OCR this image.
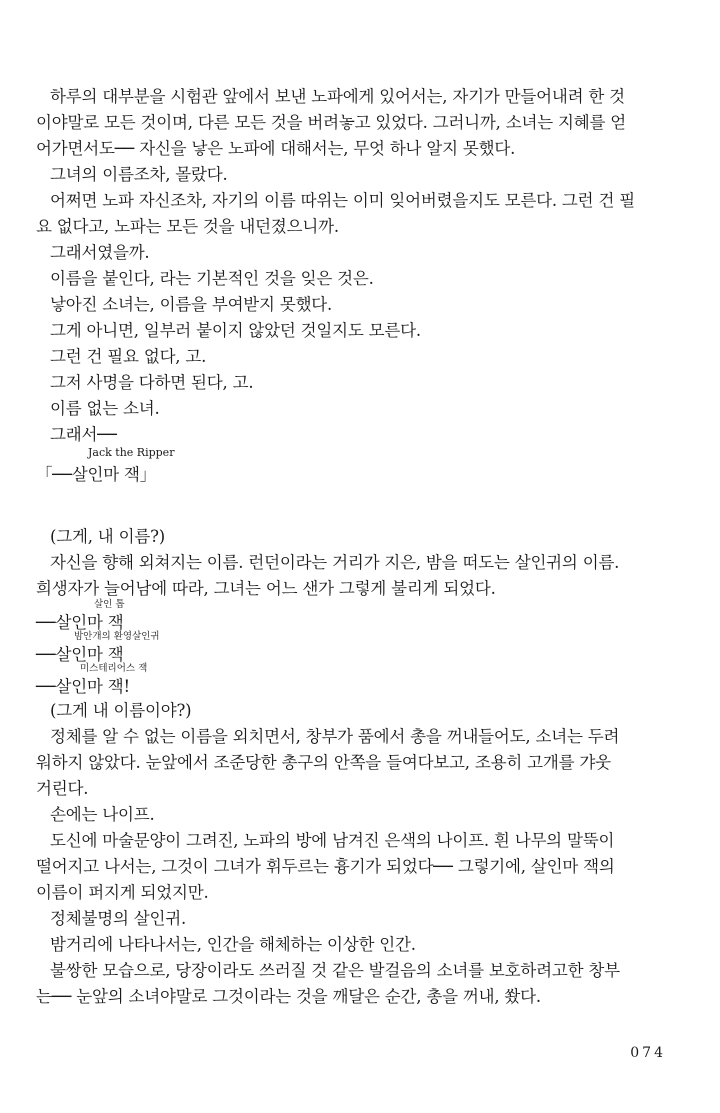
하루의 대부분을 시험관 앞에서 보낸 노파에게 있어서는, 자기가 만들어내려 한 것
이야말로 모든 것이며, 다른 모든 것을 버려놓고 있었다. 그러니까, 소녀는 지혜를 얻
어가면서도── 자신을 낳은 노파에 대해서는, 무엇 하나 알지 못했다.
그녀의 이름조차, 몰랐다.
어쩌면 노파 자신조차, 자기의 이름 따위는 이미 잊어버렸을지도 모른다. 그런 건 필
요 없다고, 노파는 모든 것을 내던졌으니까.
그래서였을까.
이름을 붙인다, 라는 기본적인 것을 잊은 것은.
낳아진 소녀는, 이름을 부여받지 못했다.
그게 아니면, 일부러 붙이지 않았던 것일지도 모른다.
그런 건 필요 없다, 고.
그저 사명을 다하면 된다, 고.
이름 없는 소녀.
그래서──
Jack the Ripper
「──살인마 잭」
(그게, 내 이름?)
자신을 향해 외쳐지는 이름. 런던이라는 거리가 지은, 밤을 떠도는 살인귀의 이름.
희생자가 늘어남에 따라, 그녀는 어느 샌가 그렇게 불리게 되었다.
살인 톱
──살인마 잭
밤안개의 환영살인귀
──살인마 잭
미스테리어스 잭
──살인마 잭!
(그게 내 이름이야?)
정체를 알 수 없는 이름을 외치면서, 창부가 품에서 총을 꺼내들어도, 소녀는 두려
워하지 않았다. 눈앞에서 조준당한 총구의 안쪽을 들여다보고, 조용히 고개를 갸웃
거린다.
손에는 나이프.
도신에 마술문양이 그려진, 노파의 방에 남겨진 은색의 나이프. 흰 나무의 말뚝이
떨어지고 나서는, 그것이 그녀가 휘두르는 흉기가 되었다── 그렇기에, 살인마 잭의
이름이 퍼지게 되었지만.
정체불명의 살인귀.
밤거리에 나타나서는, 인간을 해체하는 이상한 인간.
불쌍한 모습으로, 당장이라도 쓰러질 것 같은 발걸음의 소녀를 보호하려고한 창부
는── 눈앞의 소녀야말로 그것이라는 것을 깨달은 순간, 총을 꺼내, 쐈다.
074
